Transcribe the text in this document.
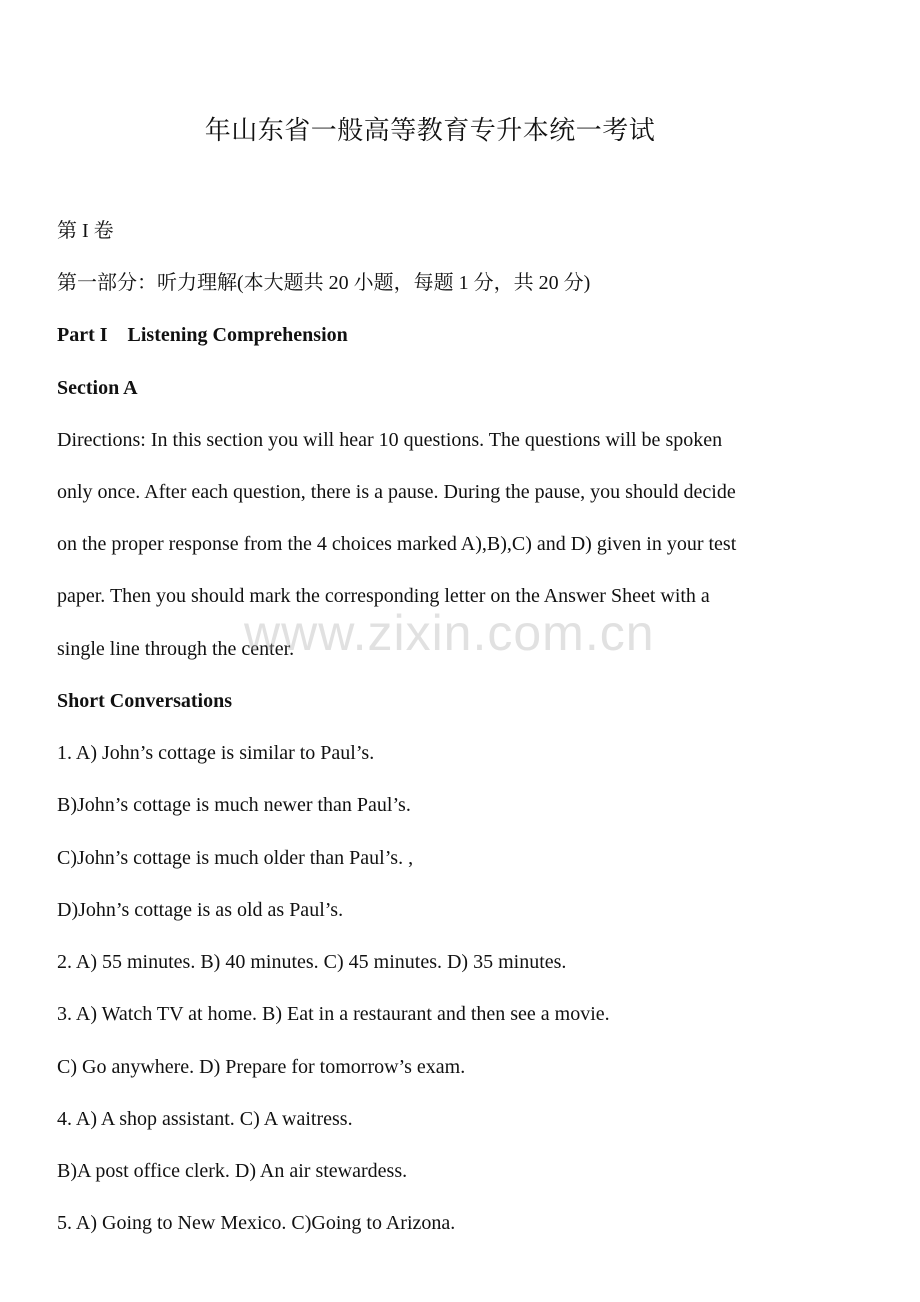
年山东省一般高等教育专升本统一考试
第 I 卷
第一部分：听力理解(本大题共 20 小题，每题 1 分，共 20 分)
Part I    Listening Comprehension
Section A
Directions: In this section you will hear 10 questions. The questions will be spoken
only once. After each question, there is a pause. During the pause, you should decide
on the proper response from the 4 choices marked A),B),C) and D) given in your test
paper. Then you should mark the corresponding letter on the Answer Sheet with a
single line through the center.
Short Conversations
1. A) John’s cottage is similar to Paul’s.
B)John’s cottage is much newer than Paul’s.
C)John’s cottage is much older than Paul’s. ,
D)John’s cottage is as old as Paul’s.
2. A) 55 minutes. B) 40 minutes. C) 45 minutes. D) 35 minutes.
3. A) Watch TV at home. B) Eat in a restaurant and then see a movie.
C) Go anywhere. D) Prepare for tomorrow’s exam.
4. A) A shop assistant. C) A waitress.
B)A post office clerk. D) An air stewardess.
5. A) Going to New Mexico. C)Going to Arizona.
www.zixin.com.cn
